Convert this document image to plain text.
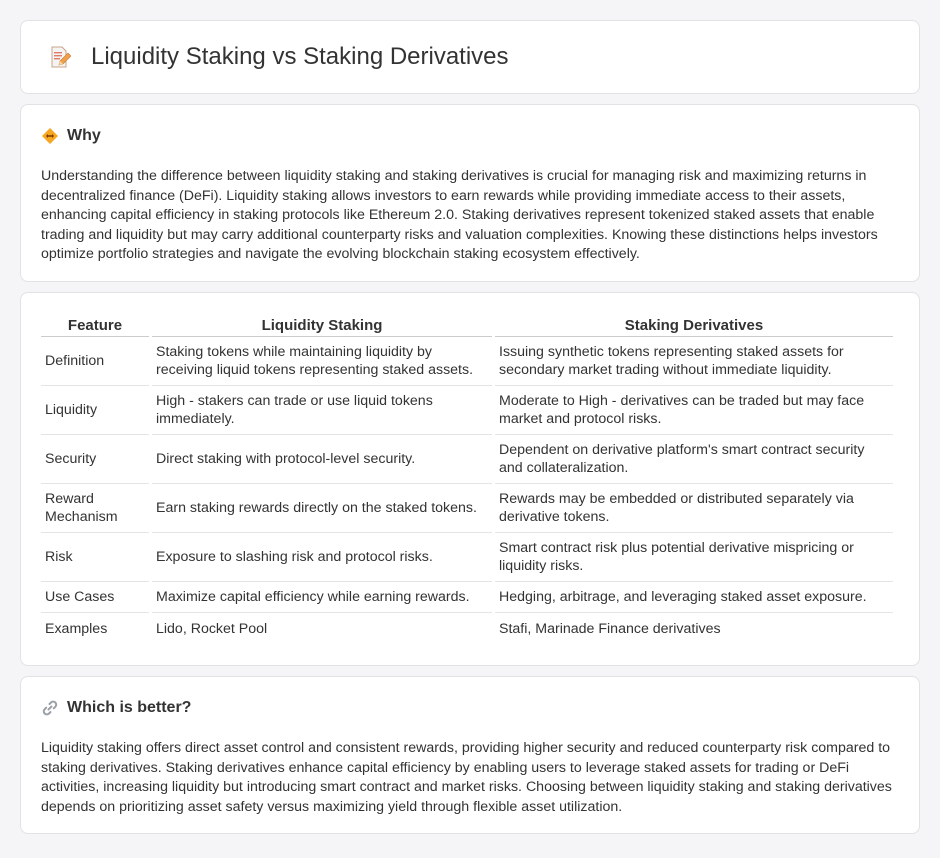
Liquidity Staking vs Staking Derivatives
Why

Understanding the difference between liquidity staking and staking derivatives is crucial for managing risk and maximizing returns in decentralized finance (DeFi). Liquidity staking allows investors to earn rewards while providing immediate access to their assets, enhancing capital efficiency in staking protocols like Ethereum 2.0. Staking derivatives represent tokenized staked assets that enable trading and liquidity but may carry additional counterparty risks and valuation complexities. Knowing these distinctions helps investors optimize portfolio strategies and navigate the evolving blockchain staking ecosystem effectively.

Feature	Liquidity Staking	Staking Derivatives
Definition	Staking tokens while maintaining liquidity by receiving liquid tokens representing staked assets.	Issuing synthetic tokens representing staked assets for secondary market trading without immediate liquidity.
Liquidity	High - stakers can trade or use liquid tokens immediately.	Moderate to High - derivatives can be traded but may face market and protocol risks.
Security	Direct staking with protocol-level security.	Dependent on derivative platform's smart contract security and collateralization.
Reward Mechanism	Earn staking rewards directly on the staked tokens.	Rewards may be embedded or distributed separately via derivative tokens.
Risk	Exposure to slashing risk and protocol risks.	Smart contract risk plus potential derivative mispricing or liquidity risks.
Use Cases	Maximize capital efficiency while earning rewards.	Hedging, arbitrage, and leveraging staked asset exposure.
Examples	Lido, Rocket Pool	Stafi, Marinade Finance derivatives
Which is better?

Liquidity staking offers direct asset control and consistent rewards, providing higher security and reduced counterparty risk compared to staking derivatives. Staking derivatives enhance capital efficiency by enabling users to leverage staked assets for trading or DeFi activities, increasing liquidity but introducing smart contract and market risks. Choosing between liquidity staking and staking derivatives depends on prioritizing asset safety versus maximizing yield through flexible asset utilization.
